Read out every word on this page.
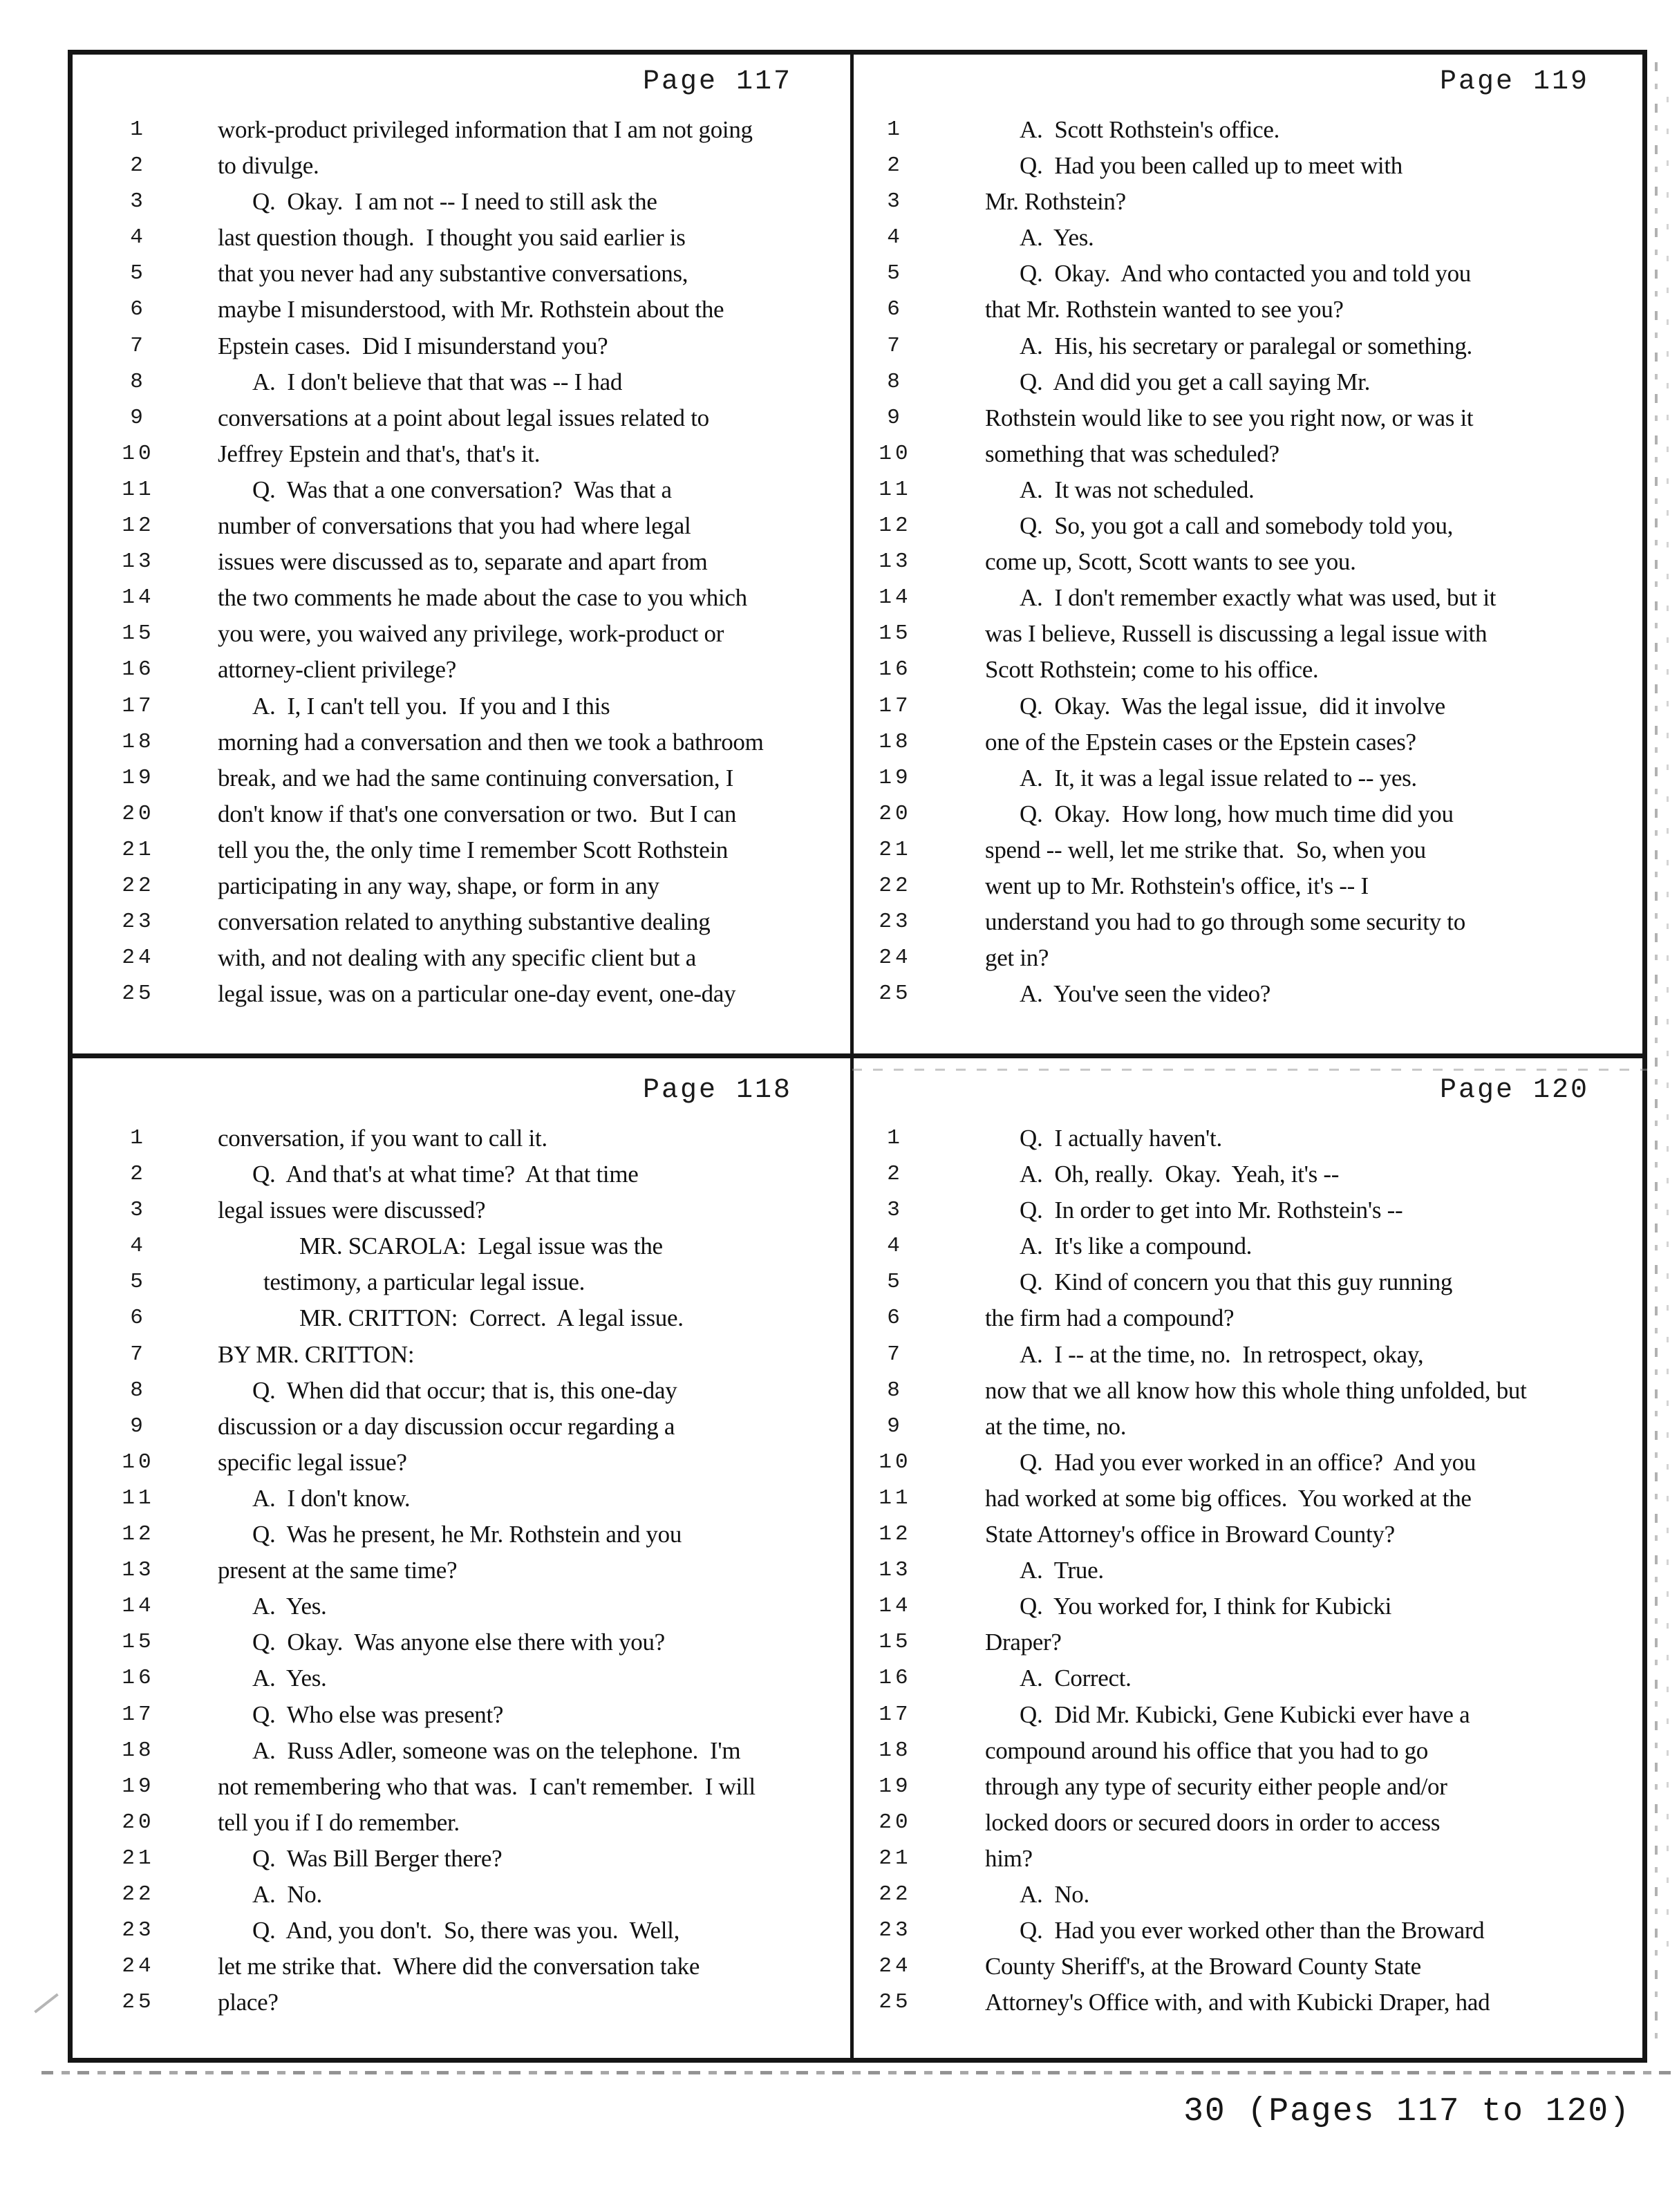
Page 117
1	work-product privileged information that I am not going
2	to divulge.
3	Q.  Okay.  I am not -- I need to still ask the
4	last question though.  I thought you said earlier is
5	that you never had any substantive conversations,
6	maybe I misunderstood, with Mr. Rothstein about the
7	Epstein cases.  Did I misunderstand you?
8	A.  I don't believe that that was -- I had
9	conversations at a point about legal issues related to
10	Jeffrey Epstein and that's, that's it.
11	Q.  Was that a one conversation?  Was that a
12	number of conversations that you had where legal
13	issues were discussed as to, separate and apart from
14	the two comments he made about the case to you which
15	you were, you waived any privilege, work-product or
16	attorney-client privilege?
17	A.  I, I can't tell you.  If you and I this
18	morning had a conversation and then we took a bathroom
19	break, and we had the same continuing conversation, I
20	don't know if that's one conversation or two.  But I can
21	tell you the, the only time I remember Scott Rothstein
22	participating in any way, shape, or form in any
23	conversation related to anything substantive dealing
24	with, and not dealing with any specific client but a
25	legal issue, was on a particular one-day event, one-day
Page 119
1	A.  Scott Rothstein's office.
2	Q.  Had you been called up to meet with
3	Mr. Rothstein?
4	A.  Yes.
5	Q.  Okay.  And who contacted you and told you
6	that Mr. Rothstein wanted to see you?
7	A.  His, his secretary or paralegal or something.
8	Q.  And did you get a call saying Mr.
9	Rothstein would like to see you right now, or was it
10	something that was scheduled?
11	A.  It was not scheduled.
12	Q.  So, you got a call and somebody told you,
13	come up, Scott, Scott wants to see you.
14	A.  I don't remember exactly what was used, but it
15	was I believe, Russell is discussing a legal issue with
16	Scott Rothstein; come to his office.
17	Q.  Okay.  Was the legal issue,  did it involve
18	one of the Epstein cases or the Epstein cases?
19	A.  It, it was a legal issue related to -- yes.
20	Q.  Okay.  How long, how much time did you
21	spend -- well, let me strike that.  So, when you
22	went up to Mr. Rothstein's office, it's -- I
23	understand you had to go through some security to
24	get in?
25	A.  You've seen the video?
Page 118
1	conversation, if you want to call it.
2	Q.  And that's at what time?  At that time
3	legal issues were discussed?
4	MR. SCAROLA:  Legal issue was the
5	testimony, a particular legal issue.
6	MR. CRITTON:  Correct.  A legal issue.
7	BY MR. CRITTON:
8	Q.  When did that occur; that is, this one-day
9	discussion or a day discussion occur regarding a
10	specific legal issue?
11	A.  I don't know.
12	Q.  Was he present, he Mr. Rothstein and you
13	present at the same time?
14	A.  Yes.
15	Q.  Okay.  Was anyone else there with you?
16	A.  Yes.
17	Q.  Who else was present?
18	A.  Russ Adler, someone was on the telephone.  I'm
19	not remembering who that was.  I can't remember.  I will
20	tell you if I do remember.
21	Q.  Was Bill Berger there?
22	A.  No.
23	Q.  And, you don't.  So, there was you.  Well,
24	let me strike that.  Where did the conversation take
25	place?
Page 120
1	Q.  I actually haven't.
2	A.  Oh, really.  Okay.  Yeah, it's --
3	Q.  In order to get into Mr. Rothstein's --
4	A.  It's like a compound.
5	Q.  Kind of concern you that this guy running
6	the firm had a compound?
7	A.  I -- at the time, no.  In retrospect, okay,
8	now that we all know how this whole thing unfolded, but
9	at the time, no.
10	Q.  Had you ever worked in an office?  And you
11	had worked at some big offices.  You worked at the
12	State Attorney's office in Broward County?
13	A.  True.
14	Q.  You worked for, I think for Kubicki
15	Draper?
16	A.  Correct.
17	Q.  Did Mr. Kubicki, Gene Kubicki ever have a
18	compound around his office that you had to go
19	through any type of security either people and/or
20	locked doors or secured doors in order to access
21	him?
22	A.  No.
23	Q.  Had you ever worked other than the Broward
24	County Sheriff's, at the Broward County State
25	Attorney's Office with, and with Kubicki Draper, had
30 (Pages 117 to 120)
